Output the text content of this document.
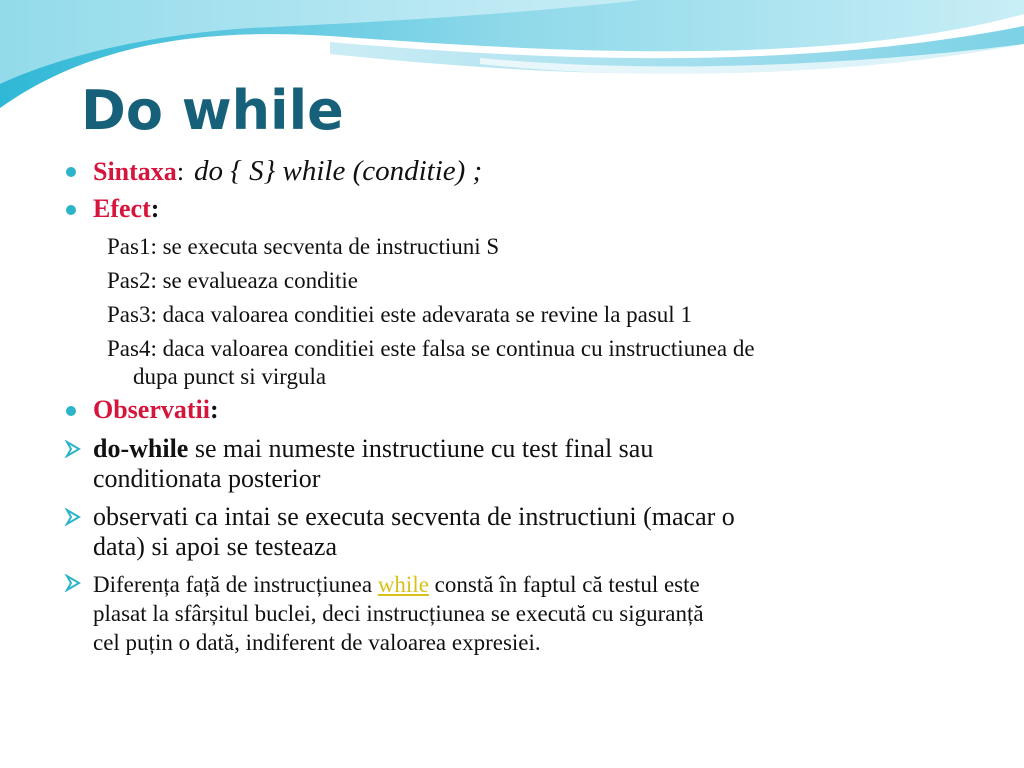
Do while
Sintaxa: do { S} while (conditie) ;
Efect:
Pas1: se executa secventa de instructiuni S
Pas2: se evalueaza conditie
Pas3: daca valoarea conditiei este adevarata se revine la pasul 1
Pas4: daca valoarea conditiei este falsa se continua cu instructiunea de
dupa punct si virgula
Observatii:
do-while se mai numeste instructiune cu test final sau
conditionata posterior
observati ca intai se executa secventa de instructiuni (macar o
data) si apoi se testeaza
Diferența față de instrucțiunea while constă în faptul că testul este
plasat la sfârșitul buclei, deci instrucțiunea se execută cu siguranță
cel puțin o dată, indiferent de valoarea expresiei.
